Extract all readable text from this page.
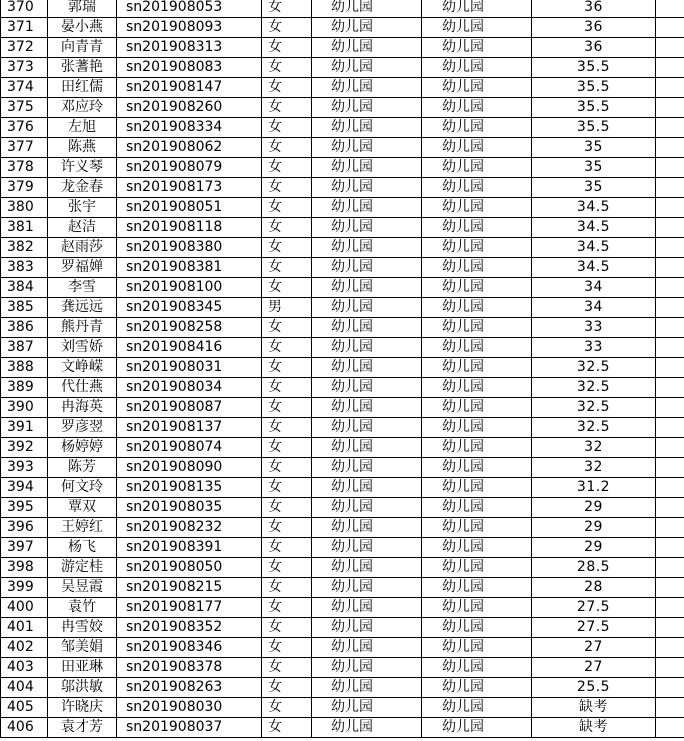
370	郭瑞	sn201908053	女	幼儿园	幼儿园	36	
371	晏小燕	sn201908093	女	幼儿园	幼儿园	36	
372	向青青	sn201908313	女	幼儿园	幼儿园	36	
373	张蓍艳	sn201908083	女	幼儿园	幼儿园	35.5	
374	田红儒	sn201908147	女	幼儿园	幼儿园	35.5	
375	邓应玲	sn201908260	女	幼儿园	幼儿园	35.5	
376	左旭	sn201908334	女	幼儿园	幼儿园	35.5	
377	陈燕	sn201908062	女	幼儿园	幼儿园	35	
378	许义琴	sn201908079	女	幼儿园	幼儿园	35	
379	龙金春	sn201908173	女	幼儿园	幼儿园	35	
380	张宇	sn201908051	女	幼儿园	幼儿园	34.5	
381	赵洁	sn201908118	女	幼儿园	幼儿园	34.5	
382	赵雨莎	sn201908380	女	幼儿园	幼儿园	34.5	
383	罗福婵	sn201908381	女	幼儿园	幼儿园	34.5	
384	李雪	sn201908100	女	幼儿园	幼儿园	34	
385	龚远远	sn201908345	男	幼儿园	幼儿园	34	
386	熊丹青	sn201908258	女	幼儿园	幼儿园	33	
387	刘雪娇	sn201908416	女	幼儿园	幼儿园	33	
388	文峥嵘	sn201908031	女	幼儿园	幼儿园	32.5	
389	代仕燕	sn201908034	女	幼儿园	幼儿园	32.5	
390	冉海英	sn201908087	女	幼儿园	幼儿园	32.5	
391	罗彦翌	sn201908137	女	幼儿园	幼儿园	32.5	
392	杨婷婷	sn201908074	女	幼儿园	幼儿园	32	
393	陈芳	sn201908090	女	幼儿园	幼儿园	32	
394	何文玲	sn201908135	女	幼儿园	幼儿园	31.2	
395	覃双	sn201908035	女	幼儿园	幼儿园	29	
396	王婷红	sn201908232	女	幼儿园	幼儿园	29	
397	杨飞	sn201908391	女	幼儿园	幼儿园	29	
398	游定桂	sn201908050	女	幼儿园	幼儿园	28.5	
399	吴昱霞	sn201908215	女	幼儿园	幼儿园	28	
400	袁竹	sn201908177	女	幼儿园	幼儿园	27.5	
401	冉雪姣	sn201908352	女	幼儿园	幼儿园	27.5	
402	邹美娟	sn201908346	女	幼儿园	幼儿园	27	
403	田亚琳	sn201908378	女	幼儿园	幼儿园	27	
404	邬洪敏	sn201908263	女	幼儿园	幼儿园	25.5	
405	许晓庆	sn201908030	女	幼儿园	幼儿园	缺考	
406	袁才芳	sn201908037	女	幼儿园	幼儿园	缺考	
